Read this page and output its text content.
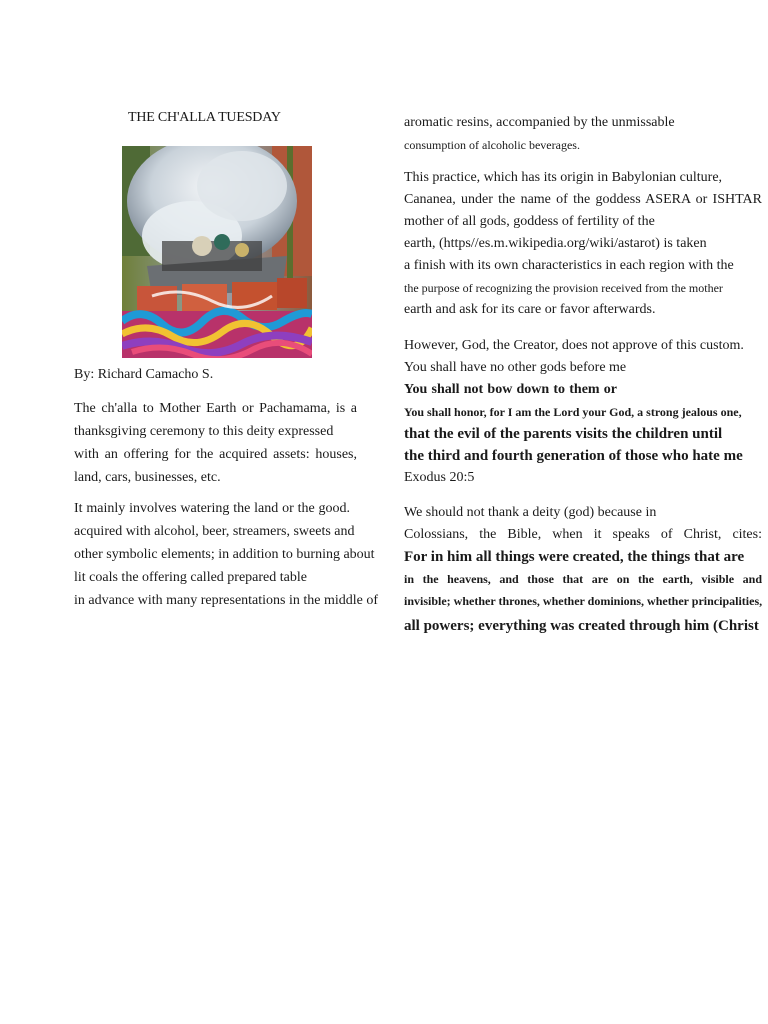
THE CH'ALLA TUESDAY
By: Richard Camacho S.
The ch'alla to Mother Earth or Pachamama, is a
thanksgiving ceremony to this deity expressed
with an offering for the acquired assets: houses,
land, cars, businesses, etc.
It mainly involves watering the land or the good.
acquired with alcohol, beer, streamers, sweets and
other symbolic elements; in addition to burning about
lit coals the offering called prepared table
in advance with many representations in the middle of
aromatic resins, accompanied by the unmissable
consumption of alcoholic beverages.
This practice, which has its origin in Babylonian culture,
Cananea, under the name of the goddess ASERA or ISHTAR
mother of all gods, goddess of fertility of the
earth, (https//es.m.wikipedia.org/wiki/astarot) is taken
a finish with its own characteristics in each region with the
the purpose of recognizing the provision received from the mother
earth and ask for its care or favor afterwards.
However, God, the Creator, does not approve of this custom.
You shall have no other gods before me
You shall not bow down to them or
You shall honor, for I am the Lord your God, a strong jealous one,
that the evil of the parents visits the children until
the third and fourth generation of those who hate me
Exodus 20:5
We should not thank a deity (god) because in
Colossians, the Bible, when it speaks of Christ, cites:
For in him all things were created, the things that are
in the heavens, and those that are on the earth, visible and
invisible; whether thrones, whether dominions, whether principalities,
all powers; everything was created through him (Christ
